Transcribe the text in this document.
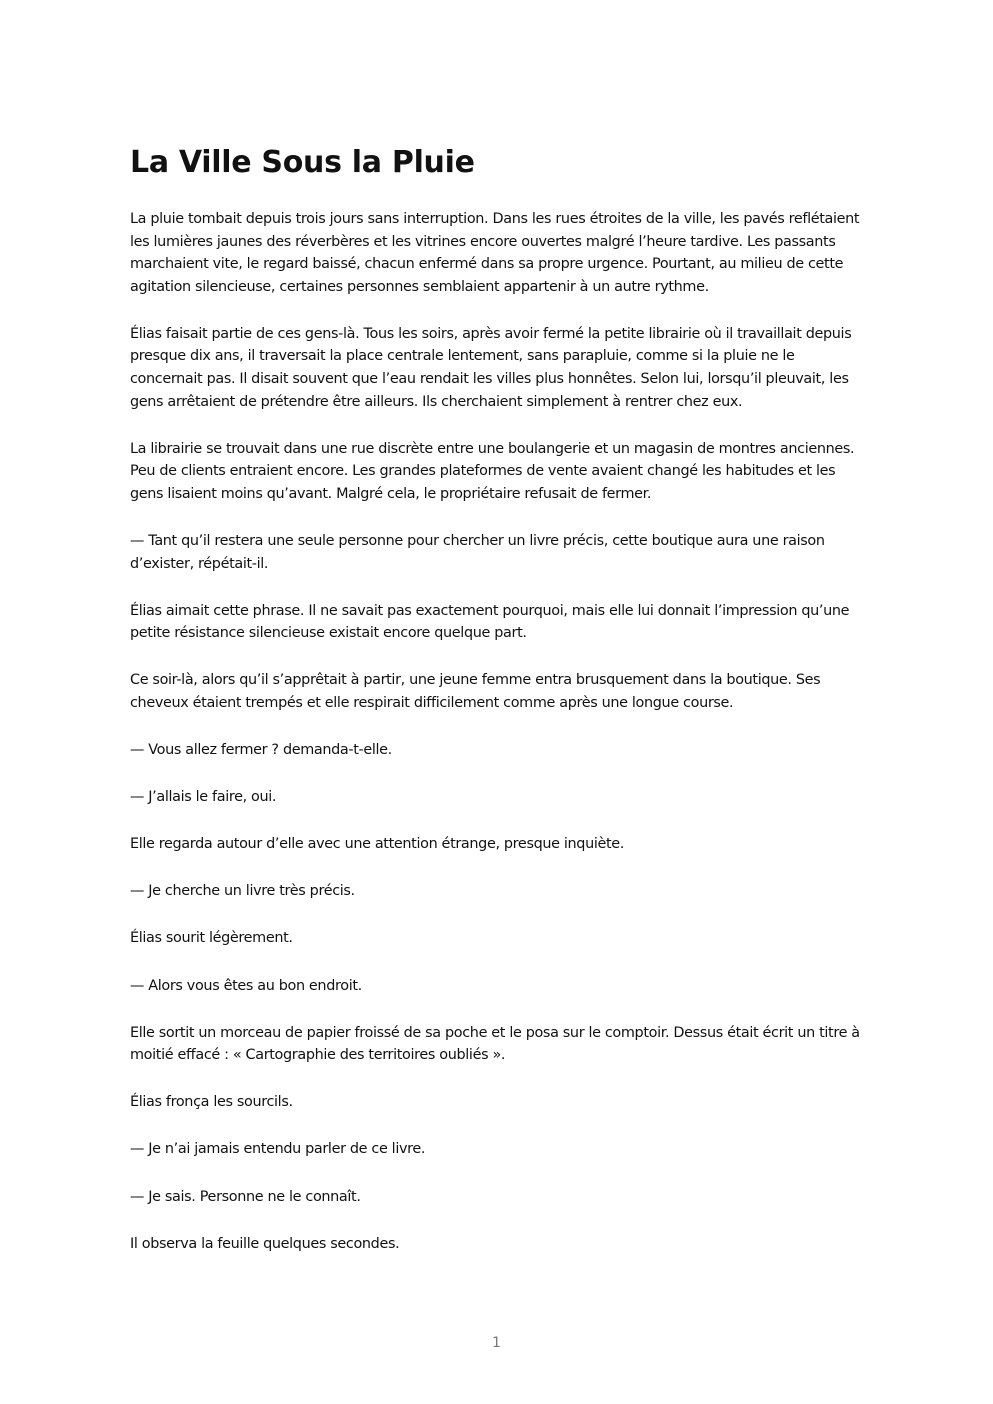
La Ville Sous la Pluie

La pluie tombait depuis trois jours sans interruption. Dans les rues étroites de la ville, les pavés reflétaient les lumières jaunes des réverbères et les vitrines encore ouvertes malgré l’heure tardive. Les passants marchaient vite, le regard baissé, chacun enfermé dans sa propre urgence. Pourtant, au milieu de cette agitation silencieuse, certaines personnes semblaient appartenir à un autre rythme.

Élias faisait partie de ces gens-là. Tous les soirs, après avoir fermé la petite librairie où il travaillait depuis presque dix ans, il traversait la place centrale lentement, sans parapluie, comme si la pluie ne le concernait pas. Il disait souvent que l’eau rendait les villes plus honnêtes. Selon lui, lorsqu’il pleuvait, les gens arrêtaient de prétendre être ailleurs. Ils cherchaient simplement à rentrer chez eux.

La librairie se trouvait dans une rue discrète entre une boulangerie et un magasin de montres anciennes. Peu de clients entraient encore. Les grandes plateformes de vente avaient changé les habitudes et les gens lisaient moins qu’avant. Malgré cela, le propriétaire refusait de fermer.

— Tant qu’il restera une seule personne pour chercher un livre précis, cette boutique aura une raison d’exister, répétait-il.

Élias aimait cette phrase. Il ne savait pas exactement pourquoi, mais elle lui donnait l’impression qu’une petite résistance silencieuse existait encore quelque part.

Ce soir-là, alors qu’il s’apprêtait à partir, une jeune femme entra brusquement dans la boutique. Ses cheveux étaient trempés et elle respirait difficilement comme après une longue course.

— Vous allez fermer ? demanda-t-elle.

— J’allais le faire, oui.

Elle regarda autour d’elle avec une attention étrange, presque inquiète.

— Je cherche un livre très précis.

Élias sourit légèrement.

— Alors vous êtes au bon endroit.

Elle sortit un morceau de papier froissé de sa poche et le posa sur le comptoir. Dessus était écrit un titre à moitié effacé : « Cartographie des territoires oubliés ».

Élias fronça les sourcils.

— Je n’ai jamais entendu parler de ce livre.

— Je sais. Personne ne le connaît.

Il observa la feuille quelques secondes.

1
